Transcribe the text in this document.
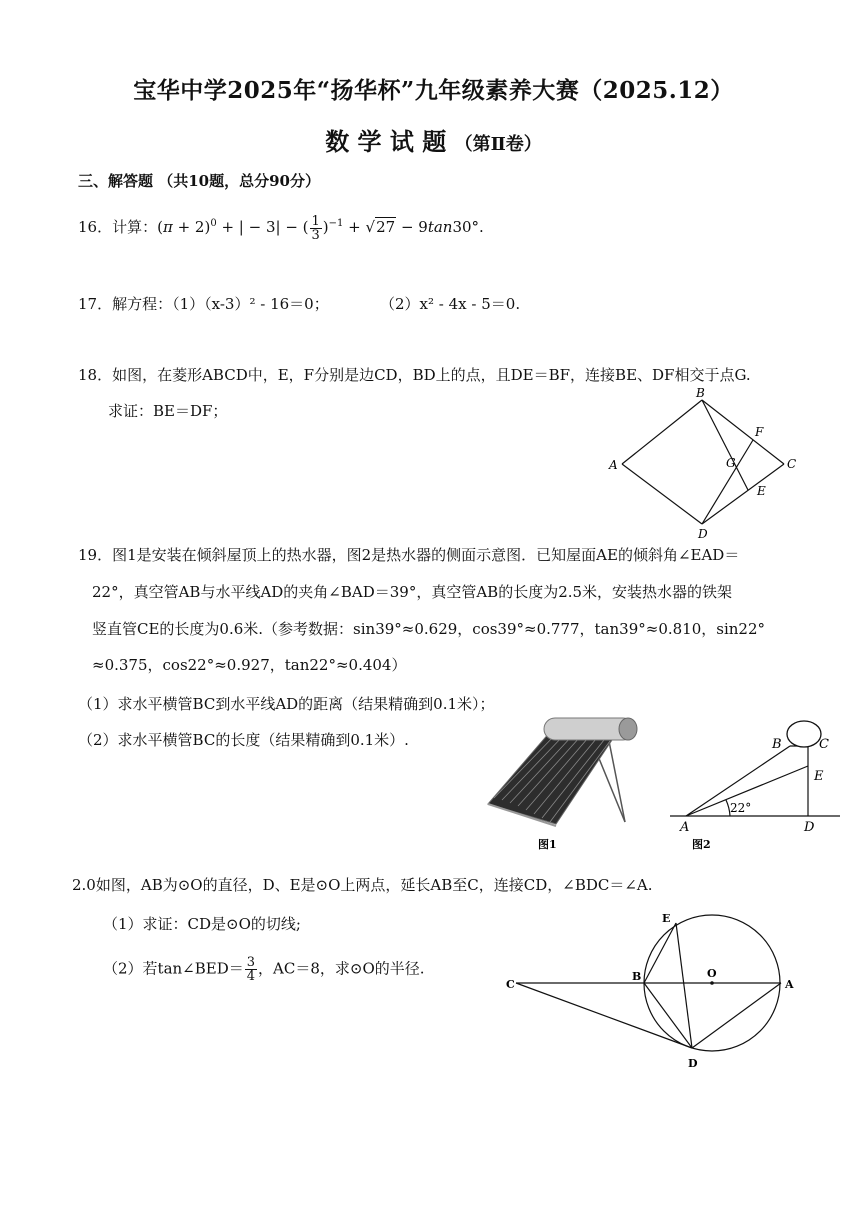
宝华中学2025年“扬华杯”九年级素养大赛（2025.12）
数 学 试 题 （第Ⅱ卷）
三、解答题 （共10题，总分90分）
16．计算：$(\pi + 2)^0$ + | − 3| − ( $\frac{1}{3} )^{-1} + √27 - 9\tan 30^\circ$.
17．解方程：（1）（x-3）² - 16＝0；	（2）x² - 4x - 5＝0.
18．如图，在菱形ABCD中，E，F分别是边CD，BD上的点，且DE＝BF，连接BE、DF相交于点G.
求证：BE＝DF；
B
A	C
D
F
G
E
19．图1是安装在倾斜屋顶上的热水器，图2是热水器的侧面示意图．已知屋面AE的倾斜角∠EAD＝
22°，真空管AB与水平线AD的夹角∠BAD＝39°，真空管AB的长度为2.5米，安装热水器的铁架
竖直管CE的长度为0.6米.（参考数据：sin39°≈0.629，cos39°≈0.777，tan39°≈0.810，sin22°
≈0.375，cos22°≈0.927，tan22°≈0.404）
（1）求水平横管BC到水平线AD的距离（结果精确到0.1米）；
（2）求水平横管BC的长度（结果精确到0.1米）.
图1
B	C
E
A	D
22°
图2
2.0如图，AB为⊙O的直径，D、E是⊙O上两点，延长AB至C，连接CD，∠BDC＝∠A.
（1）求证：CD是⊙O的切线;
（2）若tan∠BED＝ $\frac{3}{4}$ ，AC＝8，求⊙O的半径.
E
B	O
C	A
D
